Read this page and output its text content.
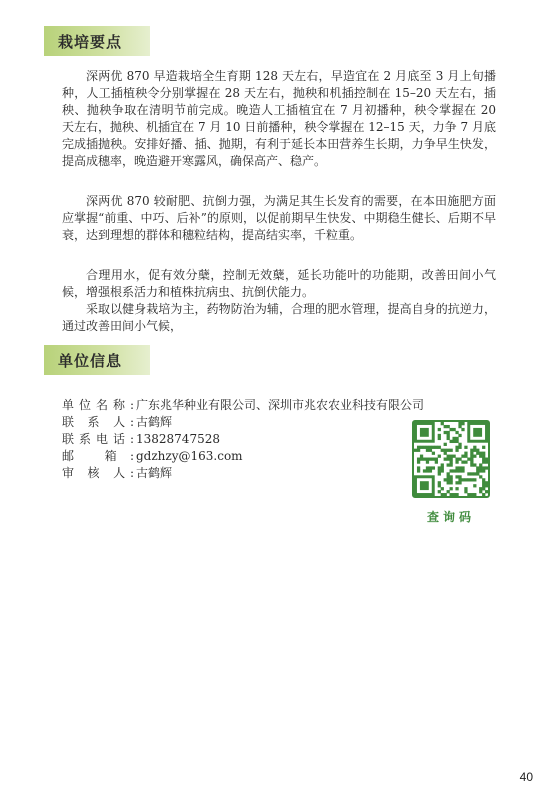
栽培要点

深两优 870 早造栽培全生育期 128 天左右，早造宜在 2 月底至 3 月上旬播种，人工插植秧令分别掌握在 28 天左右，抛秧和机插控制在 15–20 天左右，插秧、抛秧争取在清明节前完成。晚造人工插植宜在 7 月初播种，秧令掌握在 20 天左右，抛秧、机插宜在 7 月 10 日前播种，秧令掌握在 12–15 天，力争 7 月底完成插抛秧。安排好播、插、抛期，有利于延长本田营养生长期，力争早生快发，提高成穗率，晚造避开寒露风，确保高产、稳产。

深两优 870 较耐肥、抗倒力强，为满足其生长发育的需要，在本田施肥方面应掌握“前重、中巧、后补”的原则，以促前期早生快发、中期稳生健长、后期不早衰，达到理想的群体和穗粒结构，提高结实率，千粒重。

合理用水，促有效分蘖，控制无效蘖，延长功能叶的功能期，改善田间小气候，增强根系活力和植株抗病虫、抗倒伏能力。

采取以健身栽培为主，药物防治为辅，合理的肥水管理，提高自身的抗逆力，通过改善田间小气候，

单位信息
单位名称: 广东兆华种业有限公司、深圳市兆农农业科技有限公司
联 系 人: 古鹤辉
联系电话: 13828747528
邮 箱: gdzhzy@163.com
审 核 人: 古鹤辉
查询码
40
